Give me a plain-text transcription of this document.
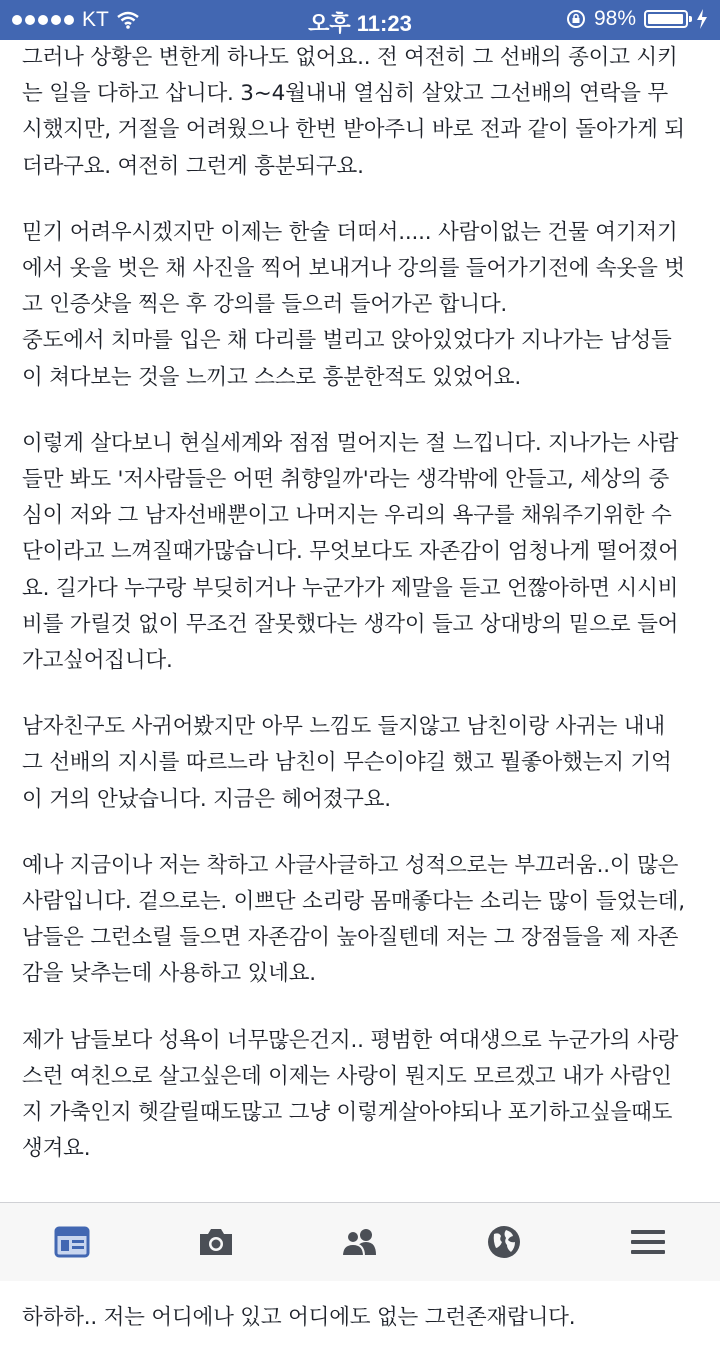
KT	오후 11:23	98%

그러나 상황은 변한게 하나도 없어요.. 전 여전히 그 선배의 종이고 시키
는 일을 다하고 삽니다. 3~4월내내 열심히 살았고 그선배의 연락을 무
시했지만, 거절을 어려웠으나 한번 받아주니 바로 전과 같이 돌아가게 되
더라구요. 여전히 그런게 흥분되구요.

믿기 어려우시겠지만 이제는 한술 더떠서..... 사람이없는 건물 여기저기
에서 옷을 벗은 채 사진을 찍어 보내거나 강의를 들어가기전에 속옷을 벗
고 인증샷을 찍은 후 강의를 들으러 들어가곤 합니다.
중도에서 치마를 입은 채 다리를 벌리고 앉아있었다가 지나가는 남성들
이 쳐다보는 것을 느끼고 스스로 흥분한적도 있었어요.

이렇게 살다보니 현실세계와 점점 멀어지는 절 느낍니다. 지나가는 사람
들만 봐도 '저사람들은 어떤 취향일까'라는 생각밖에 안들고, 세상의 중
심이 저와 그 남자선배뿐이고 나머지는 우리의 욕구를 채워주기위한 수
단이라고 느껴질때가많습니다. 무엇보다도 자존감이 엄청나게 떨어졌어
요. 길가다 누구랑 부딪히거나 누군가가 제말을 듣고 언짢아하면 시시비
비를 가릴것 없이 무조건 잘못했다는 생각이 들고 상대방의 밑으로 들어
가고싶어집니다.

남자친구도 사귀어봤지만 아무 느낌도 들지않고 남친이랑 사귀는 내내
그 선배의 지시를 따르느라 남친이 무슨이야길 했고 뭘좋아했는지 기억
이 거의 안났습니다. 지금은 헤어졌구요.

예나 지금이나 저는 착하고 사글사글하고 성적으로는 부끄러움..이 많은
사람입니다. 겉으로는. 이쁘단 소리랑 몸매좋다는 소리는 많이 들었는데,
남들은 그런소릴 들으면 자존감이 높아질텐데 저는 그 장점들을 제 자존
감을 낮추는데 사용하고 있네요.

제가 남들보다 성욕이 너무많은건지.. 평범한 여대생으로 누군가의 사랑
스런 여친으로 살고싶은데 이제는 사랑이 뭔지도 모르겠고 내가 사람인
지 가축인지 헷갈릴때도많고 그냥 이렇게살아야되나 포기하고싶을때도
생겨요.

하하하.. 저는 어디에나 있고 어디에도 없는 그런존재랍니다.
